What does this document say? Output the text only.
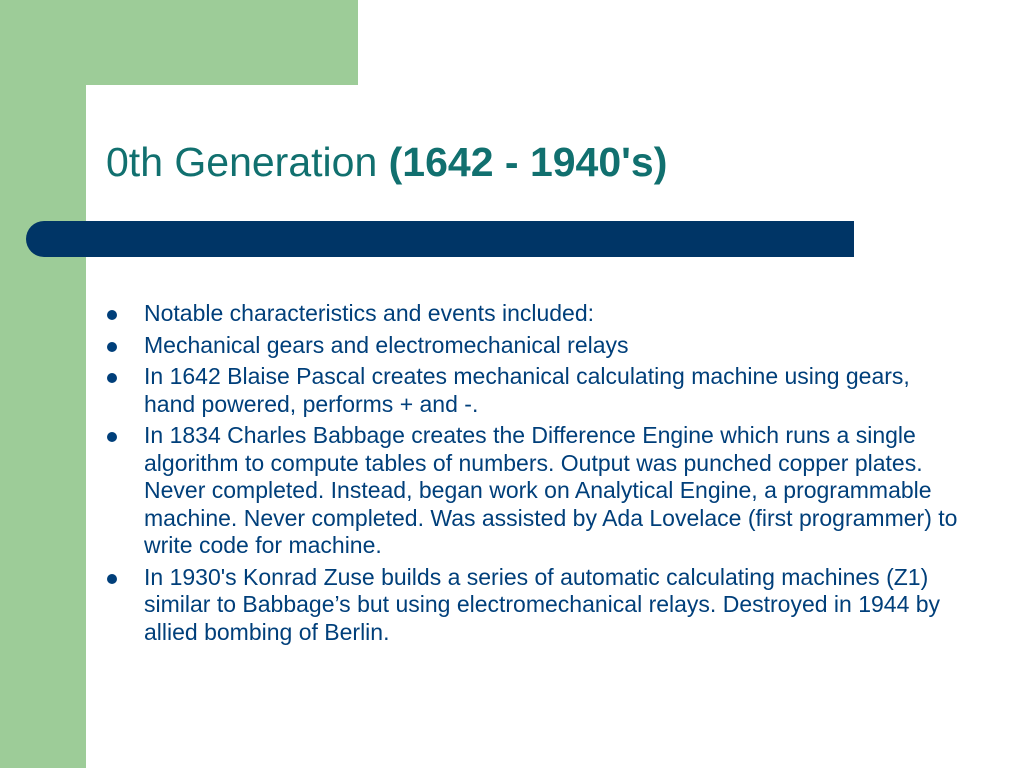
0th Generation (1642 - 1940's)
Notable characteristics and events included:
Mechanical gears and electromechanical relays
In 1642 Blaise Pascal creates mechanical calculating machine using gears, hand powered, performs + and -.
In 1834 Charles Babbage creates the Difference Engine which runs a single algorithm to compute tables of numbers. Output was punched copper plates. Never completed. Instead, began work on Analytical Engine, a programmable machine. Never completed. Was assisted by Ada Lovelace (first programmer) to write code for machine.
In 1930's Konrad Zuse builds a series of automatic calculating machines (Z1) similar to Babbage’s but using electromechanical relays. Destroyed in 1944 by allied bombing of Berlin.
